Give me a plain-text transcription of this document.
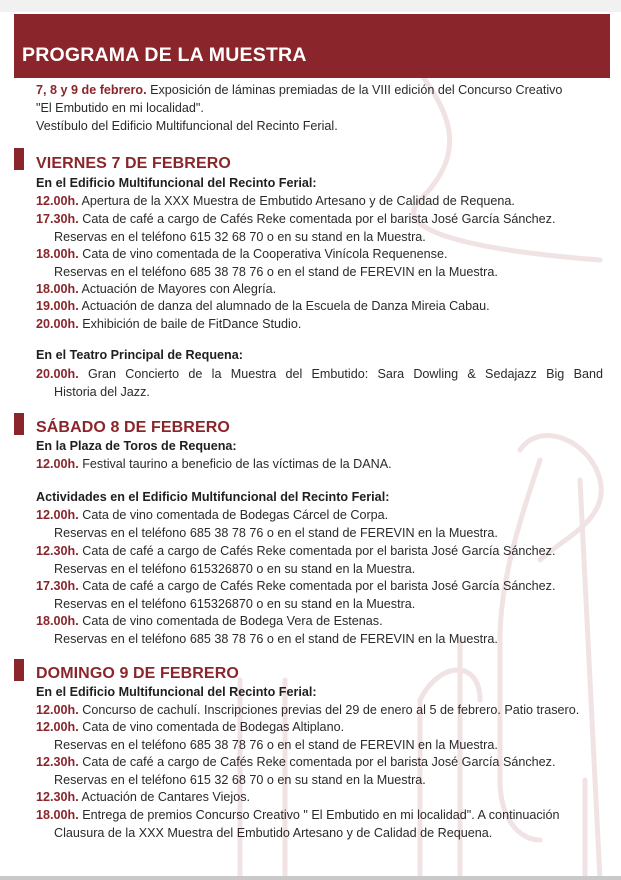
PROGRAMA DE LA MUESTRA
7, 8 y 9 de febrero. Exposición de láminas premiadas de la VIII edición del Concurso Creativo
"El Embutido en mi localidad".
Vestíbulo del Edificio Multifuncional del Recinto Ferial.
VIERNES 7 DE FEBRERO
En el Edificio Multifuncional del Recinto Ferial:
12.00h. Apertura de la XXX Muestra de Embutido Artesano y de Calidad de Requena.
17.30h. Cata de café a cargo de Cafés Reke comentada por el barista José García Sánchez.
Reservas en el teléfono 615 32 68 70 o en su stand en la Muestra.
18.00h. Cata de vino comentada de la Cooperativa Vinícola Requenense.
Reservas en el teléfono 685 38 78 76 o en el stand de FEREVIN en la Muestra.
18.00h. Actuación de Mayores con Alegría.
19.00h. Actuación de danza del alumnado de la Escuela de Danza Mireia Cabau.
20.00h. Exhibición de baile de FitDance Studio.
En el Teatro Principal de Requena:
20.00h. Gran Concierto de la Muestra del Embutido: Sara Dowling & Sedajazz Big Band
Historia del Jazz.
SÁBADO 8 DE FEBRERO
En la Plaza de Toros de Requena:
12.00h. Festival taurino a beneficio de las víctimas de la DANA.
Actividades en el Edificio Multifuncional del Recinto Ferial:
12.00h. Cata de vino comentada de Bodegas Cárcel de Corpa.
Reservas en el teléfono 685 38 78 76 o en el stand de FEREVIN en la Muestra.
12.30h. Cata de café a cargo de Cafés Reke comentada por el barista José García Sánchez.
Reservas en el teléfono 615326870 o en su stand en la Muestra.
17.30h. Cata de café a cargo de Cafés Reke comentada por el barista José García Sánchez.
Reservas en el teléfono 615326870 o en su stand en la Muestra.
18.00h. Cata de vino comentada de Bodega Vera de Estenas.
Reservas en el teléfono 685 38 78 76 o en el stand de FEREVIN en la Muestra.
DOMINGO 9 DE FEBRERO
En el Edificio Multifuncional del Recinto Ferial:
12.00h. Concurso de cachulí. Inscripciones previas del 29 de enero al 5 de febrero. Patio trasero.
12.00h. Cata de vino comentada de Bodegas Altiplano.
Reservas en el teléfono 685 38 78 76 o en el stand de FEREVIN en la Muestra.
12.30h. Cata de café a cargo de Cafés Reke comentada por el barista José García Sánchez.
Reservas en el teléfono 615 32 68 70 o en su stand en la Muestra.
12.30h. Actuación de Cantares Viejos.
18.00h. Entrega de premios Concurso Creativo " El Embutido en mi localidad". A continuación
Clausura de la XXX Muestra del Embutido Artesano y de Calidad de Requena.
